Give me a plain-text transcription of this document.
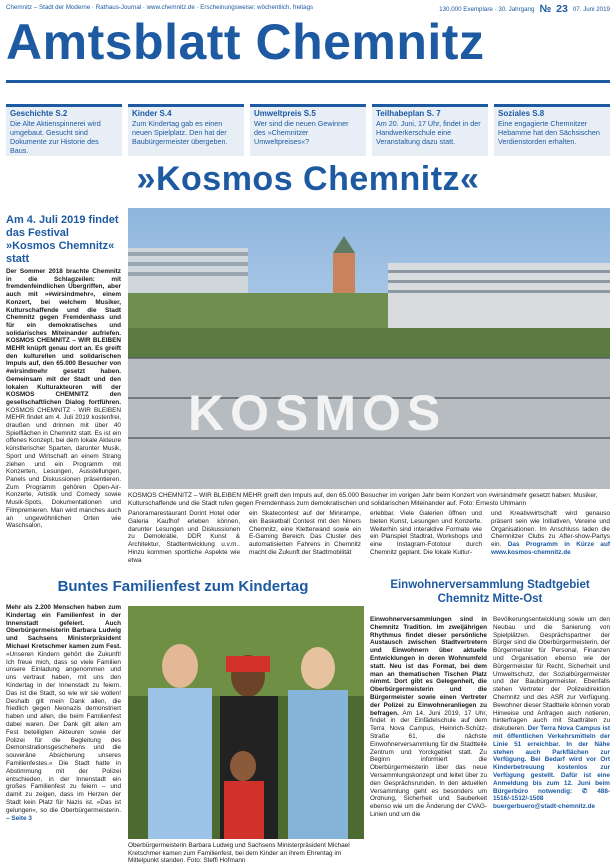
Chemnitz – Stadt der Moderne · Rathaus-Journal · www.chemnitz.de · Erscheinungsweise: wöchentlich, freitags	130.000 Exemplare · 30. Jahrgang № 23 07. Juni 2019
Amtsblatt Chemnitz
Geschichte S.2
Die Alte Aktienspinnerei wird umgebaut. Gesucht sind Dokumente zur Historie des Baus.
Kinder S.4
Zum Kindertag gab es einen neuen Spielplatz. Den hat der Baubürgermeister übergeben.
Umweltpreis S.5
Wer sind die neuen Gewinner des »Chemnitzer Umweltpreises«?
Teilhabeplan S. 7
Am 20. Juni, 17 Uhr, findet in der Handwerkerschule eine Veranstaltung dazu statt.
Soziales S.8
Eine engagierte Chemnitzer Hebamme hat den Sächsischen Verdienstorden erhalten.
»Kosmos Chemnitz«
Am 4. Juli 2019 findet das Festival »Kosmos Chemnitz« statt
Der Sommer 2018 brachte Chemnitz in die Schlagzeilen: mit fremdenfeindlichen Übergriffen, aber auch mit »#wirsindmehr«, einem Konzert, bei welchem Musiker, Kulturschaffende und die Stadt Chemnitz gegen Fremdenhass und für ein demokratisches und solidarisches Miteinander aufriefen. KOSMOS CHEMNITZ – WIR BLEIBEN MEHR knüpft genau dort an. Es greift den kulturellen und solidarischen Impuls auf, den 65.000 Besucher von #wirsindmehr gesetzt haben. Gemeinsam mit der Stadt und den lokalen Kulturakteuren will der KOSMOS CHEMNITZ den gesellschaftlichen Dialog fortführen. KOSMOS CHEMNITZ - WIR BLEIBEN MEHR findet am 4. Juli 2019 kostenfrei, draußen und drinnen mit über 40 Spielflächen in Chemnitz statt. Es ist ein offenes Konzept, bei dem lokale Akteure künstlerischer Sparten, darunter Musik, Sport und Wirtschaft an einem Strang ziehen und ein Programm mit Konzerten, Lesungen, Ausstellungen, Panels und Diskussionen präsentieren. Zum Programm gehören Open-Air-Konzerte, Artistik und Comedy sowie Musik-Spots, Dokumentationen und Filmpremieren. Man wird manches auch an ungewöhnlichen Orten wie Waschsalon,
KOSMOS
KOSMOS CHEMNITZ – WIR BLEIBEN MEHR greift den Impuls auf, den 65.000 Besucher im vorigen Jahr beim Konzert von #wirsindmehr gesetzt haben: Musiker, Kulturschaffende und die Stadt rufen gegen Fremdenhass zum demokratischen und solidarischen Miteinander auf. Foto: Ernesto Uhlmann
Panoramarestaurant Dorint Hotel oder Galeria Kaufhof erleben können, darunter Lesungen und Diskussionen zu Demokratie, DDR Kunst & Architektur, Stadtentwicklung u.v.m.. Hinzu kommen sportliche Aspekte wie etwa
ein Skatecontest auf der Minirampe, ein Basketball Contest mit den Niners Chemnitz, eine Kletterwand sowie ein E-Gaming Bereich. Das Cluster des automatisierten Fahrens in Chemnitz macht die Zukunft der Stadtmobilität
erlebbar. Viele Galerien öffnen und bieten Kunst, Lesungen und Konzerte. Weiterhin sind interaktive Formate wie ein Planspiel Stadtrat, Workshops und eine Instagram-Fototour durch Chemnitz geplant. Die lokale Kultur-
und Kreativwirtschaft wird genauso präsent sein wie Initiativen, Vereine und Organisationen. Im Anschluss laden die Chemnitzer Clubs zu After-show-Partys ein. Das Programm in Kürze auf www.kosmos-chemnitz.de
Buntes Familienfest zum Kindertag
Mehr als 2.200 Menschen haben zum Kindertag ein Familienfest in der Innenstadt gefeiert. Auch Oberbürgermeisterin Barbara Ludwig und Sachsens Ministerpräsident Michael Kretschmer kamen zum Fest. »Unseren Kindern gehört die Zukunft! Ich freue mich, dass so viele Familien unsere Einladung angenommen und uns vertraut haben, mit uns den Kindertag in der Innenstadt zu feiern. Das ist die Stadt, so wie wir sie wollen! Deshalb gilt mein Dank allen, die friedlich gegen Neonazis demonstriert haben und allen, die beim Familienfest dabei waren. Der Dank gilt allen am Fest beteiligten Akteuren sowie der Polizei für die Begleitung des Demonstrationsgeschehens und die souveräne Absicherung unseres Familienfestes.« Die Stadt hatte in Abstimmung mit der Polizei entschieden, in der Innenstadt ein großes Familienfest zu feiern – und damit zu zeigen, dass im Herzen der Stadt kein Platz für Nazis ist. »Das ist gelungen«, so die Oberbürgermeisterin. – Seite 3
Oberbürgermeisterin Barbara Ludwig und Sachsens Ministerpräsident Michael Kretschmer kamen zum Familienfest, bei dem Kinder an ihrem Ehrentag im Mittelpunkt standen. Foto: Steffi Hofmann
Einwohnerversammlung Stadtgebiet Chemnitz Mitte-Ost
Einwohnerversammlungen sind in Chemnitz Tradition. Im zweijährigen Rhythmus findet dieser persönliche Austausch zwischen Stadtvertretern und Einwohnern über aktuelle Entwicklungen in deren Wohnumfeld statt. Neu ist das Format, bei dem man an thematischen Tischen Platz nimmt. Dort gibt es Gelegenheit, die Oberbürgermeisterin und die Bürgermeister sowie einen Vertreter der Polizei zu Einwohneranliegen zu befragen. Am 14. Juni 2019, 17 Uhr, findet in der Einfädelschule auf dem Terra Nova Campus, Heinrich-Schütz-Straße 61, die nächste Einwohnerversammlung für die Stadtteile Zentrum und Yorckgebiet statt. Zu Beginn informiert die Oberbürgermeisterin über das neue Versammlungskonzept und leitet über zu den Gesprächsrunden. In den aktuellen Versammlung geht es besonders um Ordnung, Sicherheit und Sauberkeit ebenso wie um die Änderung der CVAG-Linien und um die
Bevölkerungsentwicklung sowie um den Neubau und die Sanierung von Spielplätzen. Gesprächspartner der Bürger sind die Oberbürgermeisterin, der Bürgermeister für Personal, Finanzen und Organisation ebenso wie der Bürgermeister für Recht, Sicherheit und Umweltschutz, der Sozialbürgermeister und der Baubürgermeister. Ebenfalls stehen Vertreter der Polizeidirektion Chemnitz und des ASR zur Verfügung. Bewohner dieser Stadtteile können vorab Hinweise und Anfragen auch notieren, hinterfragen auch mit Stadträten zu diskutieren. Der Terra Nova Campus ist mit öffentlichen Verkehrsmitteln der Linie 51 erreichbar. In der Nähe stehen auch Parkflächen zur Verfügung. Bei Bedarf wird vor Ort Kinderbetreuung kostenlos zur Verfügung gestellt. Dafür ist eine Anmeldung bis zum 12. Juni beim Bürgerbüro notwendig: ✆ 488-1516/-1512/-1508 buergerbuero@stadt-chemnitz.de
